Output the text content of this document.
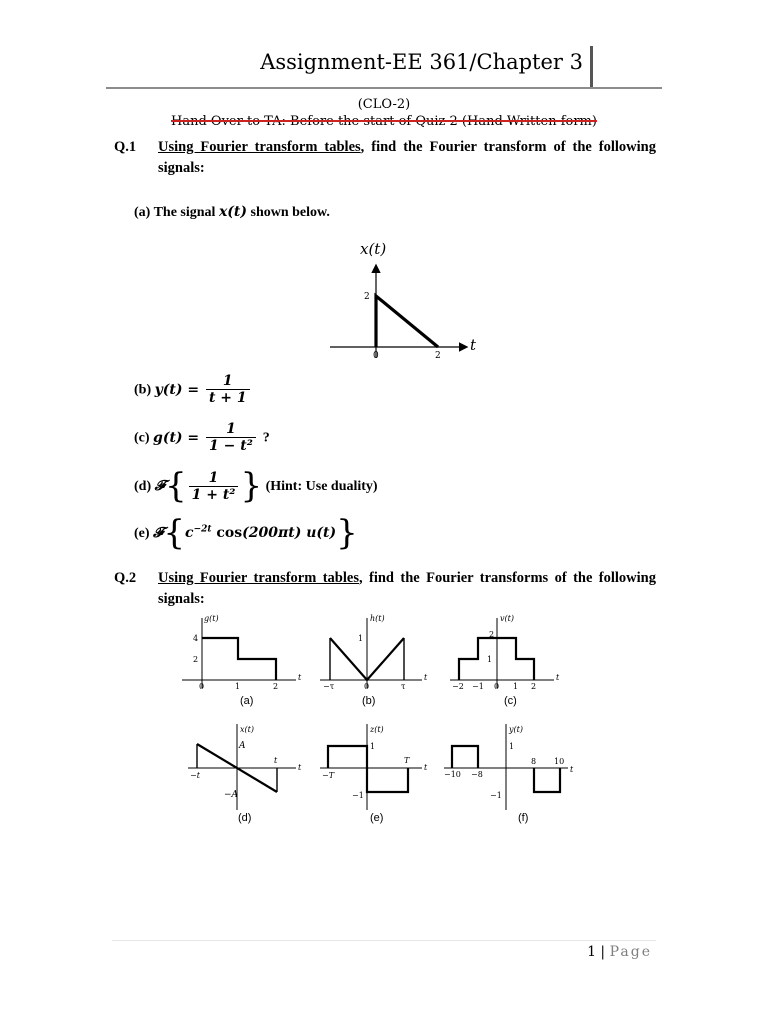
Assignment-EE 361/Chapter 3
(CLO-2)
Hand Over to TA: Before the start of Quiz 2 (Hand Written form)
Q.1 Using Fourier transform tables, find the Fourier transform of the following signals:
(a) The signal x(t) shown below.
x(t)
t
2
0	2
(b) $y(t) = \frac{1}{t + 1}$
(c) $g(t) = \frac{1}{\text{1 − t²}}$ ?
(d) 𝓕{ $\frac{1}{\text{1 + t²}}$ } (Hint: Use duality)
(e) $𝓕\{c^{-2t}$ cos(200πt) u(t)}
Q.2 Using Fourier transform tables, find the Fourier transforms of the following signals:
g(t)
t
4
2
0	1	2
(a)
h(t)
t
1
−τ	0	τ
(b)
v(t)
t
2
1
−2 −1 0 1 2
(c)
x(t)
t
A
−A
−t
t
(d)
z(t)
t
1
−1
−T
T
(e)
y(t)
t
1
−1
−10 −8
8 10
(f)
1 | Page
